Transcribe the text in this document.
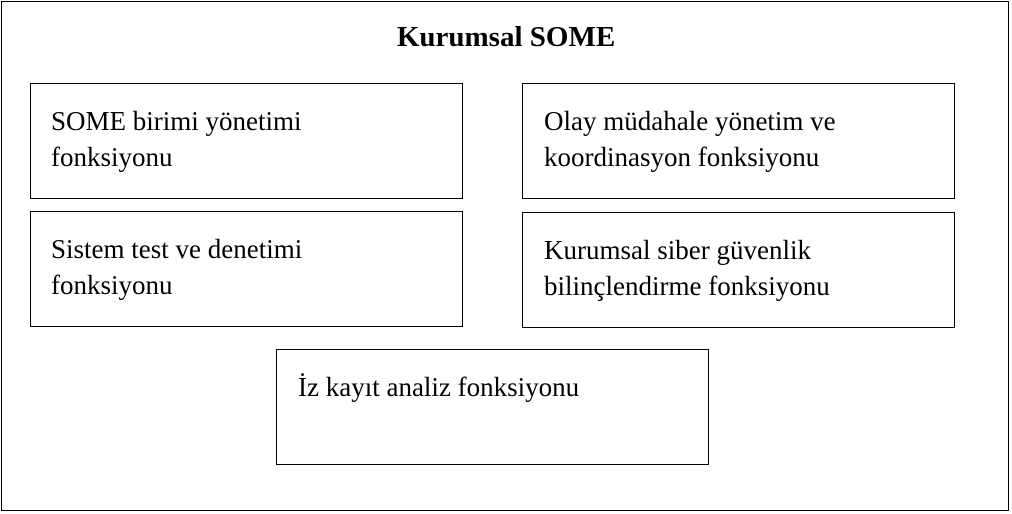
Kurumsal SOME
SOME birimi yönetimi
fonksiyonu
Olay müdahale yönetim ve
koordinasyon fonksiyonu
Sistem test ve denetimi
fonksiyonu
Kurumsal siber güvenlik
bilinçlendirme fonksiyonu
İz kayıt analiz fonksiyonu
